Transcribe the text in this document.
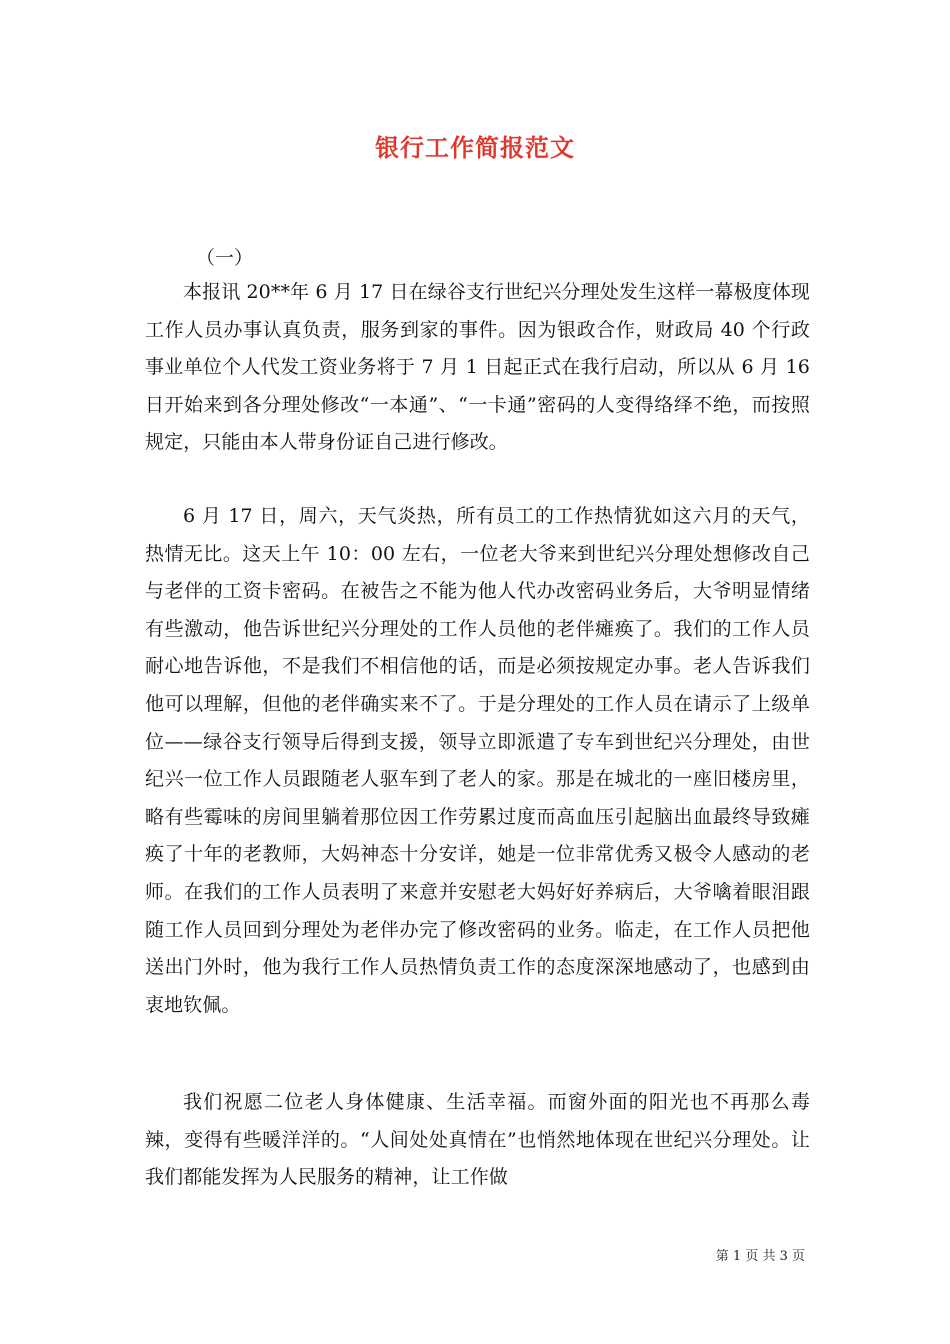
银行工作简报范文
（一）

本报讯 20**年 6 月 17 日在绿谷支行世纪兴分理处发生这样一幕极度体现工作人员办事认真负责，服务到家的事件。因为银政合作，财政局 40 个行政事业单位个人代发工资业务将于 7 月 1 日起正式在我行启动，所以从 6 月 16 日开始来到各分理处修改“一本通”、“一卡通”密码的人变得络绎不绝，而按照规定，只能由本人带身份证自己进行修改。

6 月 17 日，周六，天气炎热，所有员工的工作热情犹如这六月的天气，热情无比。这天上午 10：00 左右，一位老大爷来到世纪兴分理处想修改自己与老伴的工资卡密码。在被告之不能为他人代办改密码业务后，大爷明显情绪有些激动，他告诉世纪兴分理处的工作人员他的老伴瘫痪了。我们的工作人员耐心地告诉他，不是我们不相信他的话，而是必须按规定办事。老人告诉我们他可以理解，但他的老伴确实来不了。于是分理处的工作人员在请示了上级单位——绿谷支行领导后得到支援，领导立即派遣了专车到世纪兴分理处，由世纪兴一位工作人员跟随老人驱车到了老人的家。那是在城北的一座旧楼房里，略有些霉味的房间里躺着那位因工作劳累过度而高血压引起脑出血最终导致瘫痪了十年的老教师，大妈神态十分安详，她是一位非常优秀又极令人感动的老师。在我们的工作人员表明了来意并安慰老大妈好好养病后，大爷噙着眼泪跟随工作人员回到分理处为老伴办完了修改密码的业务。临走，在工作人员把他送出门外时，他为我行工作人员热情负责工作的态度深深地感动了，也感到由衷地钦佩。

我们祝愿二位老人身体健康、生活幸福。而窗外面的阳光也不再那么毒辣，变得有些暖洋洋的。“人间处处真情在”也悄然地体现在世纪兴分理处。让我们都能发挥为人民服务的精神，让工作做

第 1 页 共 3 页
